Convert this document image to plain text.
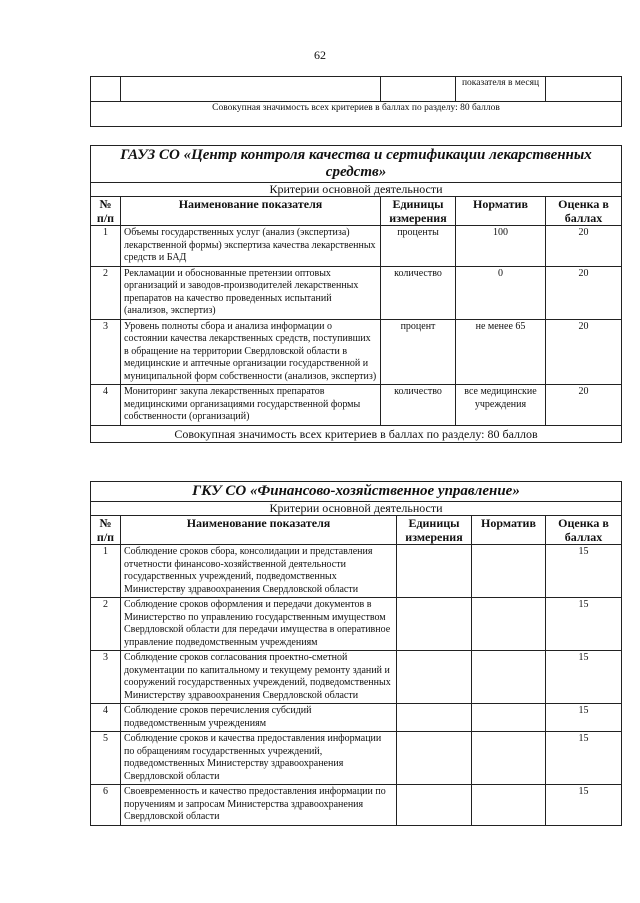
62
			показателя в месяц	
Совокупная значимость всех критериев в баллах по разделу: 80 баллов
ГАУЗ СО «Центр контроля качества и сертификации лекарственных средств»				
Критерии основной деятельности				
№ п/п	Наименование показателя	Единицы измерения	Норматив	Оценка в баллах
1	Объемы государственных услуг (анализ (экспертиза) лекарственной формы) экспертиза качества лекарственных средств и БАД	проценты	100	20
2	Рекламации и обоснованные претензии оптовых организаций и заводов-производителей лекарственных препаратов на качество проведенных испытаний (анализов, экспертиз)	количество	0	20
3	Уровень полноты сбора и анализа информации о состоянии качества лекарственных средств, поступивших в обращение на территории Свердловской области в медицинские и аптечные организации государственной и муниципальной форм собственности (анализов, экспертиз)	процент	не менее 65	20
4	Мониторинг закупа лекарственных препаратов медицинскими организациями государственной формы собственности (организаций)	количество	все медицинские учреждения	20
Совокупная значимость всех критериев в баллах по разделу: 80 баллов				
ГКУ СО «Финансово-хозяйственное управление»				
Критерии основной деятельности				
№ п/п	Наименование показателя	Единицы измерения	Норматив	Оценка в баллах
1	Соблюдение сроков сбора, консолидации и представления отчетности финансово-хозяйственной деятельности государственных учреждений, подведомственных Министерству здравоохранения Свердловской области			15
2	Соблюдение сроков оформления и передачи документов в Министерство по управлению государственным имуществом Свердловской области для передачи имущества в оперативное управление подведомственным учреждениям			15
3	Соблюдение сроков согласования проектно-сметной документации по капитальному и текущему ремонту зданий и сооружений государственных учреждений, подведомственных Министерству здравоохранения Свердловской области			15
4	Соблюдение сроков перечисления субсидий подведомственным учреждениям			15
5	Соблюдение сроков и качества предоставления информации по обращениям государственных учреждений, подведомственных Министерству здравоохранения Свердловской области			15
6	Своевременность и качество предоставления информации по поручениям и запросам Министерства здравоохранения Свердловской области			15
